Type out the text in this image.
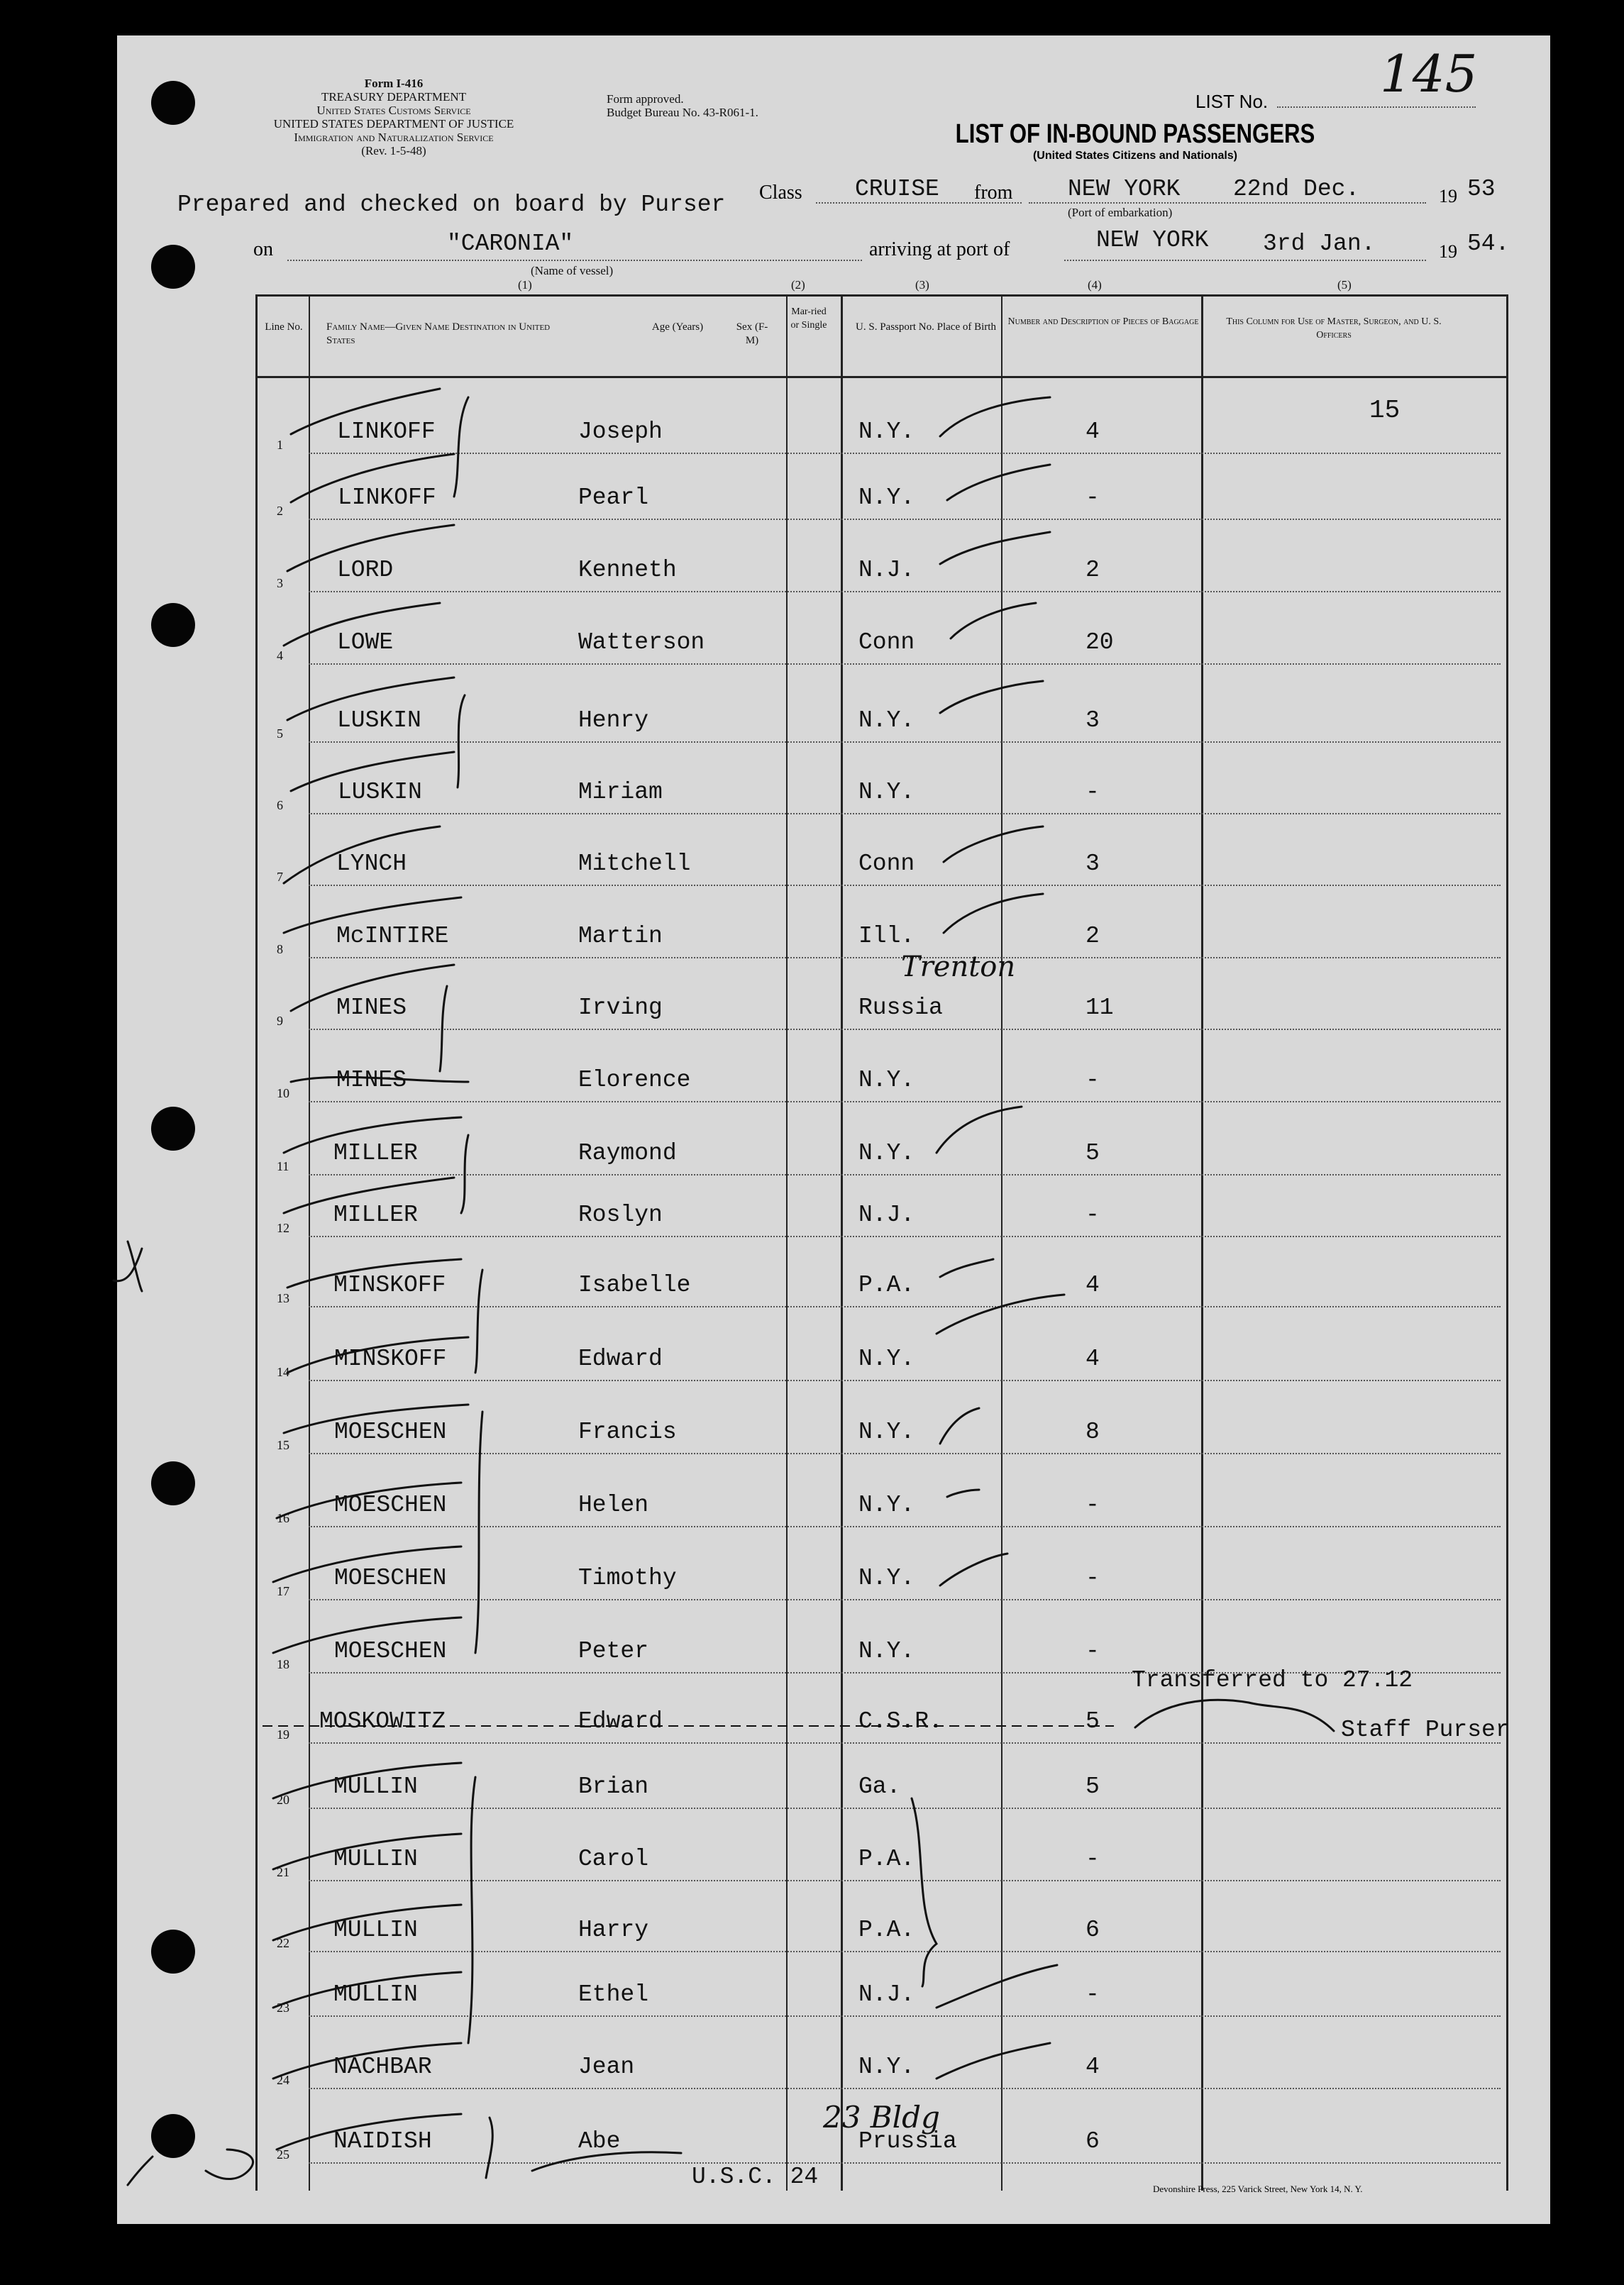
Form I-416
TREASURY DEPARTMENT
United States Customs Service
UNITED STATES DEPARTMENT OF JUSTICE
Immigration and Naturalization Service
(Rev. 1-5-48)
Form approved.
Budget Bureau No. 43-R061-1.
LIST No. 145
LIST OF IN-BOUND PASSENGERS
(United States Citizens and Nationals)
Prepared and checked on board by Purser Class CRUISE from NEW YORK 22nd Dec.	19 53
(Port of embarkation)
on	"CARONIA"
(Name of vessel)
arriving at port of	NEW YORK 3rd Jan.	19 54.
(1)	(2)	(3)	(4)	(5)
Line No.	Family Name—Given Name Destination in United States
Age (Years)	Sex (F-M)
Mar-ried or Single	U. S. Passport No. Place of Birth	Number and Description of Pieces of Baggage	This Column for Use of Master, Surgeon, and U. S. Officers
1 LINKOFF	Joseph	N.Y.	4
2 LINKOFF	Pearl	N.Y.	-
3 LORD	Kenneth	N.J.	2
4 LOWE	Watterson	Conn	20
5 LUSKIN	Henry	N.Y.	3
6 LUSKIN	Miriam	N.Y.	-
7 LYNCH	Mitchell	Conn	3
8 McINTIRE	Martin	Ill.	2
9 MINES	Irving	Russia	11
10 MINES	Elorence	N.Y.	-
11 MILLER	Raymond	N.Y.	5
12 MILLER	Roslyn	N.J.	-
13 MINSKOFF	Isabelle	P.A.	4
14 MINSKOFF	Edward	N.Y.	4
15 MOESCHEN	Francis	N.Y.	8
16 MOESCHEN	Helen	N.Y.	-
17 MOESCHEN	Timothy	N.Y.	-
18 MOESCHEN	Peter	N.Y.	-
19 MOSKOWITZ	Edward	C.S.R.	5
20 MULLIN	Brian	Ga.	5
21 MULLIN	Carol	P.A.	-
22 MULLIN	Harry	P.A.	6
23 MULLIN	Ethel	N.J.	-
24 NACHBAR	Jean	N.Y.	4
25 NAIDISH	Abe	Prussia	6
15
Transferred to 27.12
Staff Purser
Trenton
23 Bldg
U.S.C. 24	Devonshire Press, 225 Varick Street, New York 14, N. Y.
